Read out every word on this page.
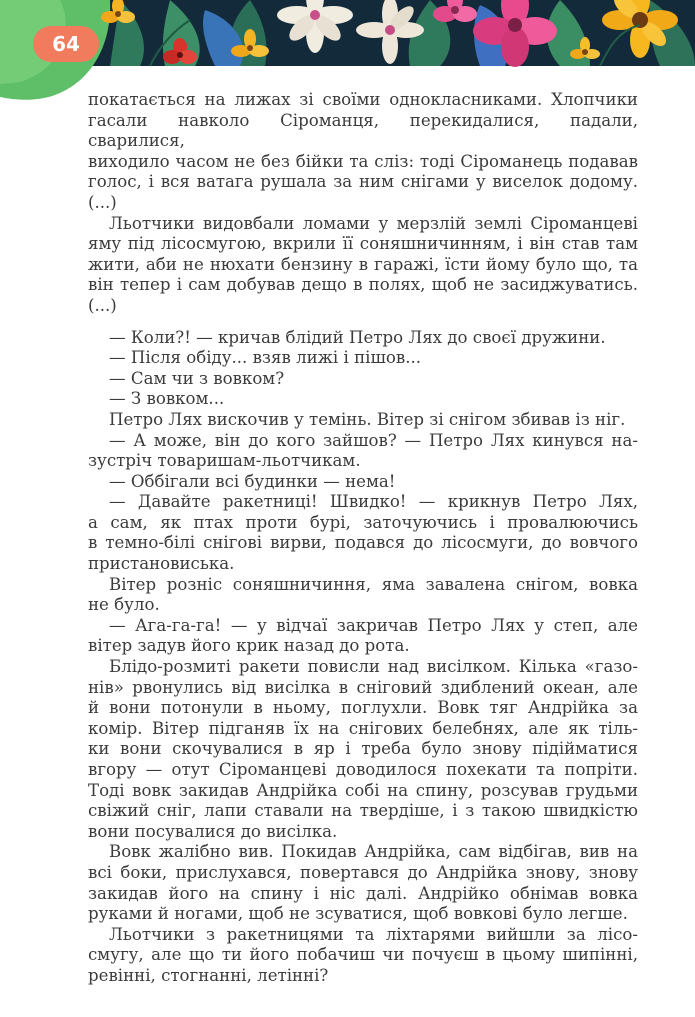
64

покатається на лижах зі своїми однокласниками. Хлопчики

гасали навколо Сіроманця, перекидалися, падали, сварилися,

виходило часом не без бійки та сліз: тоді Сіроманець подавав

голос, і вся ватага рушала за ним снігами у виселок додому. (...)

Льотчики видовбали ломами у мерзлій землі Сіроманцеві

яму під лісосмугою, вкрили її соняшничинням, і він став там

жити, аби не нюхати бензину в гаражі, їсти йому було що, та

він тепер і сам добував дещо в полях, щоб не засиджуватись. (...)

— Коли?! — кричав блідий Петро Лях до своєї дружини.

— Після обіду... взяв лижі і пішов...

— Сам чи з вовком?

— З вовком...

Петро Лях вискочив у темінь. Вітер зі снігом збивав із ніг.

— А може, він до кого зайшов? — Петро Лях кинувся на-

зустріч товаришам-льотчикам.

— Оббігали всі будинки — нема!

— Давайте ракетниці! Швидко! — крикнув Петро Лях,

а сам, як птах проти бурі, заточуючись і провалюючись

в темно-білі снігові вирви, подався до лісосмуги, до вовчого

пристановиська.

Вітер розніс соняшничиння, яма завалена снігом, вовка

не було.

— Ага-га-га! — у відчаї закричав Петро Лях у степ, але

вітер задув його крик назад до рота.

Блідо-розмиті ракети повисли над висілком. Кілька «газо-

нів» рвонулись від висілка в сніговий здиблений океан, але

й вони потонули в ньому, поглухли. Вовк тяг Андрійка за

комір. Вітер підганяв їх на снігових белебнях, але як тіль-

ки вони скочувалися в яр і треба було знову підійматися

вгору — отут Сіроманцеві доводилося похекати та попріти.

Тоді вовк закидав Андрійка собі на спину, розсував грудьми

свіжий сніг, лапи ставали на твердіше, і з такою швидкістю

вони посувалися до висілка.

Вовк жалібно вив. Покидав Андрійка, сам відбігав, вив на

всі боки, прислухався, повертався до Андрійка знову, знову

закидав його на спину і ніс далі. Андрійко обнімав вовка

руками й ногами, щоб не зсуватися, щоб вовкові було легше.

Льотчики з ракетницями та ліхтарями вийшли за лісо-

смугу, але що ти його побачиш чи почуєш в цьому шипінні,

ревінні, стогнанні, летінні?
